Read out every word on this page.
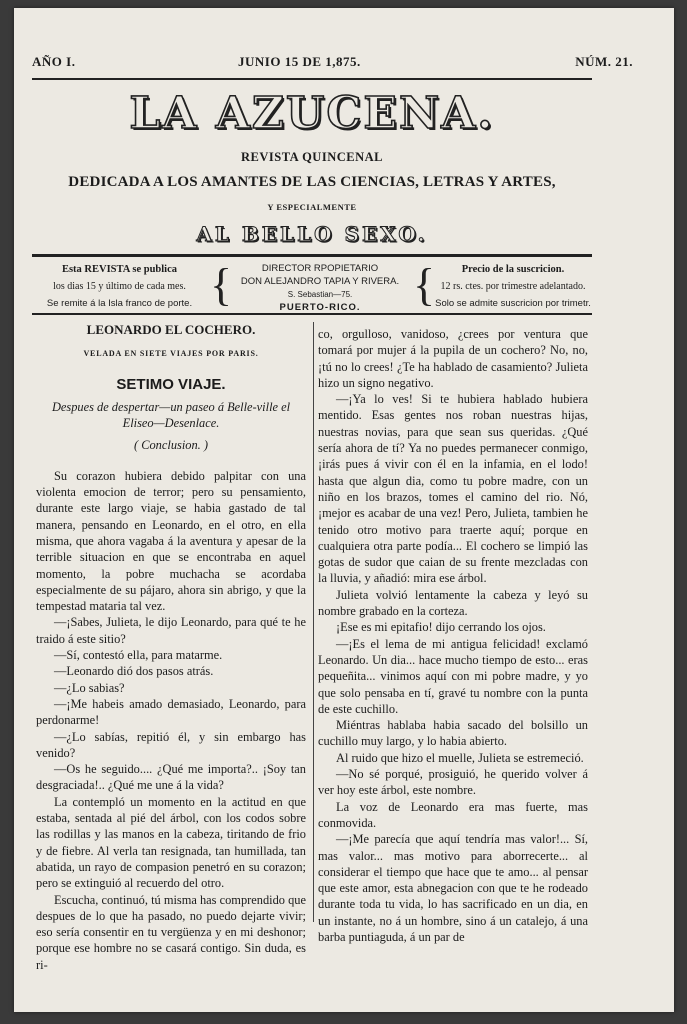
AÑO I.	JUNIO 15 DE 1,875.	NÚM. 21.
LA AZUCENA.
REVISTA QUINCENAL
DEDICADA A LOS AMANTES DE LAS CIENCIAS, LETRAS Y ARTES,
Y ESPECIALMENTE
AL BELLO SEXO.
Esta REVISTA se publica
los dias 15 y último de cada mes.
Se remite á la Isla franco de porte. {	DIRECTOR RPOPIETARIO
DON ALEJANDRO TAPIA Y RIVERA.
S. Sebastian—75.
PUERTO-RICO.	{	Precio de la suscricion.
12 rs. ctes. por trimestre adelantado.
Solo se admite suscricion por trimetr.

LEONARDO EL COCHERO.

VELADA EN SIETE VIAJES POR PARIS.

SETIMO VIAJE.

Despues de despertar—un paseo á Belle-ville el Eliseo—Desenlace.

( Conclusion. )

Su corazon hubiera debido palpitar con una violenta emocion de terror; pero su pensamiento, durante este largo viaje, se habia gastado de tal manera, pensando en Leonardo, en el otro, en ella misma, que ahora vagaba á la aventura y apesar de la terrible situacion en que se encontraba en aquel momento, la pobre muchacha se acordaba especialmente de su pájaro, ahora sin abrigo, y que la tempestad mataria tal vez.

—¡Sabes, Julieta, le dijo Leonardo, para qué te he traido á este sitio?

—Sí, contestó ella, para matarme.

—Leonardo dió dos pasos atrás.

—¿Lo sabias?

—¡Me habeis amado demasiado, Leonardo, para perdonarme!

—¿Lo sabías, repitió él, y sin embargo has venido?

—Os he seguido.... ¿Qué me importa?.. ¡Soy tan desgraciada!.. ¿Qué me une á la vida?

La contempló un momento en la actitud en que estaba, sentada al pié del árbol, con los codos sobre las rodillas y las manos en la cabeza, tiritando de frio y de fiebre. Al verla tan resignada, tan humillada, tan abatida, un rayo de compasion penetró en su corazon; pero se extinguió al recuerdo del otro.

Escucha, continuó, tú misma has comprendido que despues de lo que ha pasado, no puedo dejarte vivir; eso sería consentir en tu vergüenza y en mi deshonor; porque ese hombre no se casará contigo. Sin duda, es ri-

co, orgulloso, vanidoso, ¿crees por ventura que tomará por mujer á la pupila de un cochero? No, no, ¡tú no lo crees! ¿Te ha hablado de casamiento? Julieta hizo un signo negativo.

—¡Ya lo ves! Si te hubiera hablado hubiera mentido. Esas gentes nos roban nuestras hijas, nuestras novias, para que sean sus queridas. ¿Qué sería ahora de tí? Ya no puedes permanecer conmigo, ¡irás pues á vivir con él en la infamia, en el lodo! hasta que algun dia, como tu pobre madre, con un niño en los brazos, tomes el camino del rio. Nó, ¡mejor es acabar de una vez! Pero, Julieta, tambien he tenido otro motivo para traerte aquí; porque en cualquiera otra parte podía... El cochero se limpió las gotas de sudor que caian de su frente mezcladas con la lluvia, y añadió: mira ese árbol.

Julieta volvió lentamente la cabeza y leyó su nombre grabado en la corteza.

¡Ese es mi epitafio! dijo cerrando los ojos.

—¡Es el lema de mi antigua felicidad! exclamó Leonardo. Un dia... hace mucho tiempo de esto... eras pequeñita... vinimos aquí con mi pobre madre, y yo que solo pensaba en tí, gravé tu nombre con la punta de este cuchillo.

Miéntras hablaba habia sacado del bolsillo un cuchillo muy largo, y lo habia abierto.

Al ruido que hizo el muelle, Julieta se estremeció.

—No sé porqué, prosiguió, he querido volver á ver hoy este árbol, este nombre.

La voz de Leonardo era mas fuerte, mas conmovida.

—¡Me parecía que aquí tendría mas valor!... Sí, mas valor... mas motivo para aborrecerte... al considerar el tiempo que hace que te amo... al pensar que este amor, esta abnegacion con que te he rodeado durante toda tu vida, lo has sacrificado en un dia, en un instante, no á un hombre, sino á un catalejo, á una barba puntiaguda, á un par de
